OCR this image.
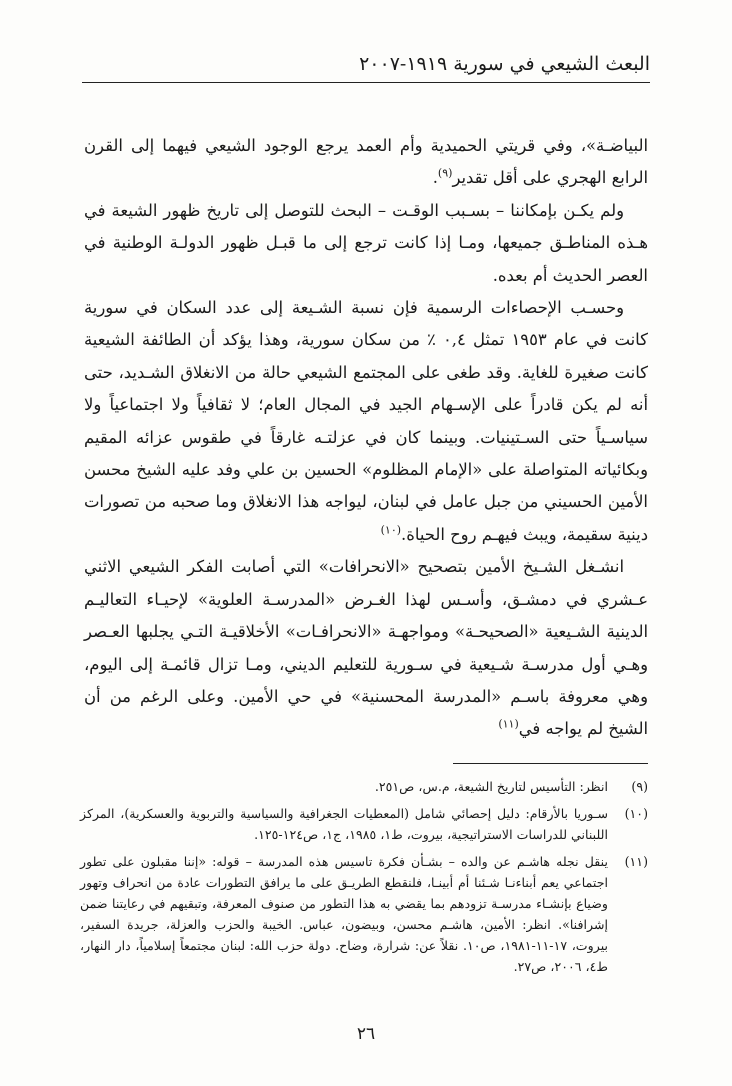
البعث الشيعي في سورية ١٩١٩-٢٠٠٧

البياضـة»، وفي قريتي الحميدية وأم العمد يرجع الوجود الشيعي فيهما إلى القرن الرابع الهجري على أقل تقدير$^{(٩)}$.

ولم يكـن بإمكاننا – بسـبب الوقـت – البحث للتوصل إلى تاريخ ظهور الشيعة في هـذه المناطـق جميعها، ومـا إذا كانت ترجع إلى ما قبـل ظهور الدولـة الوطنية في العصر الحديث أم بعده.

وحسـب الإحصاءات الرسمية فإن نسبة الشـيعة إلى عدد السكان في سورية كانت في عام ١٩٥٣ تمثل ٠,٤ ٪ من سكان سورية، وهذا يؤكد أن الطائفة الشيعية كانت صغيرة للغاية. وقد طغى على المجتمع الشيعي حالة من الانغلاق الشـديد، حتى أنه لم يكن قادراً على الإسـهام الجيد في المجال العام؛ لا ثقافياً ولا اجتماعياً ولا سياسـياً حتى السـتينيات. وبينما كان في عزلتـه غارقاً في طقوس عزائه المقيم وبكائياته المتواصلة على «الإمام المظلوم» الحسين بن علي وفد عليه الشيخ محسن الأمين الحسيني من جبل عامل في لبنان، ليواجه هذا الانغلاق وما صحبه من تصورات دينية سقيمة، ويبث فيهـم روح الحياة.$^{(١٠)}$

انشـغل الشـيخ الأمين بتصحيح «الانحرافات» التي أصابت الفكر الشيعي الاثني عـشري في دمشـق، وأسـس لهذا الغـرض «المدرسـة العلوية» لإحيـاء التعاليـم الدينية الشـيعية «الصحيحـة» ومواجهـة «الانحرافـات» الأخلاقيـة التـي يجلبها العـصر وهـي أول مدرسـة شـيعية في سـورية للتعليم الديني، ومـا تزال قائمـة إلى اليوم، وهي معروفة باسـم «المدرسة المحسنية» في حي الأمين. وعلى الرغم من أن الشيخ لم يواجه في$^{(١١)}$

(٩)
انظر: التأسيس لتاريخ الشيعة، م.س، ص٢٥١.
(١٠)
سـوريا بالأرقام: دليل إحصائي شامل (المعطيات الجغرافية والسياسية والتربوية والعسكرية)، المركز اللبناني للدراسات الاستراتيجية، بيروت، ط١، ١٩٨٥، ج١، ص١٢٤-١٢٥.
(١١)
ينقل نجله هاشـم عن والده – بشـأن فكرة تاسيس هذه المدرسة – قوله: «إننا مقبلون على تطور اجتماعي يعم أبناءنـا شـئنا أم أبينـا، فلنقطع الطريـق على ما يرافق التطورات عادة من انحراف وتهور وضياع بإنشـاء مدرسـة تزودهم بما يقضي به هذا التطور من صنوف المعرفة، وتبقيهم في رعايتنا ضمن إشرافنا». انظر: الأمين، هاشـم محسن، وبيضون، عباس. الخيبة والحزب والعزلة، جريدة السفير، بيروت، ١٧-١١-١٩٨١، ص١٠. نقلاً عن: شرارة، وضاح. دولة حزب الله: لبنان مجتمعاً إسلامياً، دار النهار، ط٤، ٢٠٠٦، ص٢٧.
٢٦
